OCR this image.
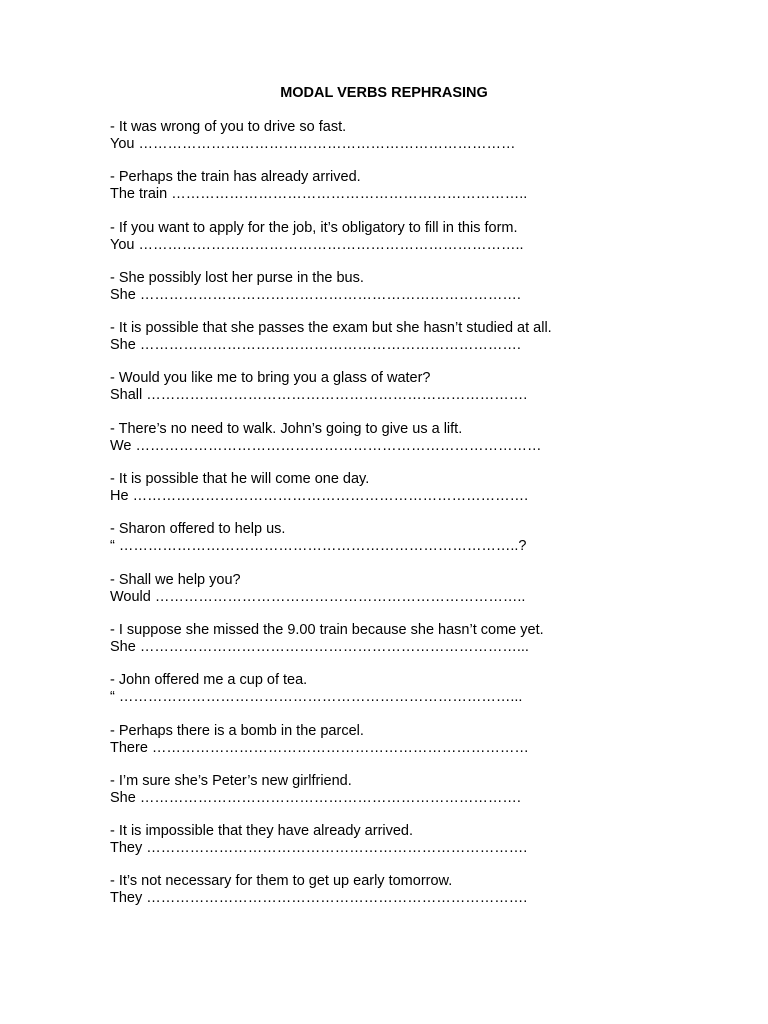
MODAL VERBS REPHRASING
- It was wrong of you to drive so fast.
You ……………………………………………………………………
- Perhaps the train has already arrived.
The train ………………………………………………………………..
- If you want to apply for the job, it’s obligatory to fill in this form.
You ……………………………………………………………………..
- She possibly lost her purse in the bus.
She …………………………………………………………………….
- It is possible that she passes the exam but she hasn’t studied at all.
She …………………………………………………………………….
- Would you like me to bring you a glass of water?
Shall …………………………………………………………………….
- There’s no need to walk. John’s going to give us a lift.
We …………………………………………………………………………
- It is possible that he will come one day.
He ……………………………………………………………………….
- Sharon offered to help us.
“ ………………………………………………………………………..?
- Shall we help you?
Would …………………………………………………………………..
- I suppose she missed the 9.00 train because she hasn’t come yet.
She ……………………………………………………………………...
- John offered me a cup of tea.
“ ………………………………………………………………………...
- Perhaps there is a bomb in the parcel.
There ……………………………………………………………………
- I’m sure she’s Peter’s new girlfriend.
She …………………………………………………………………….
- It is impossible that they have already arrived.
They …………………………………………………………………….
- It’s not necessary for them to get up early tomorrow.
They …………………………………………………………………….
